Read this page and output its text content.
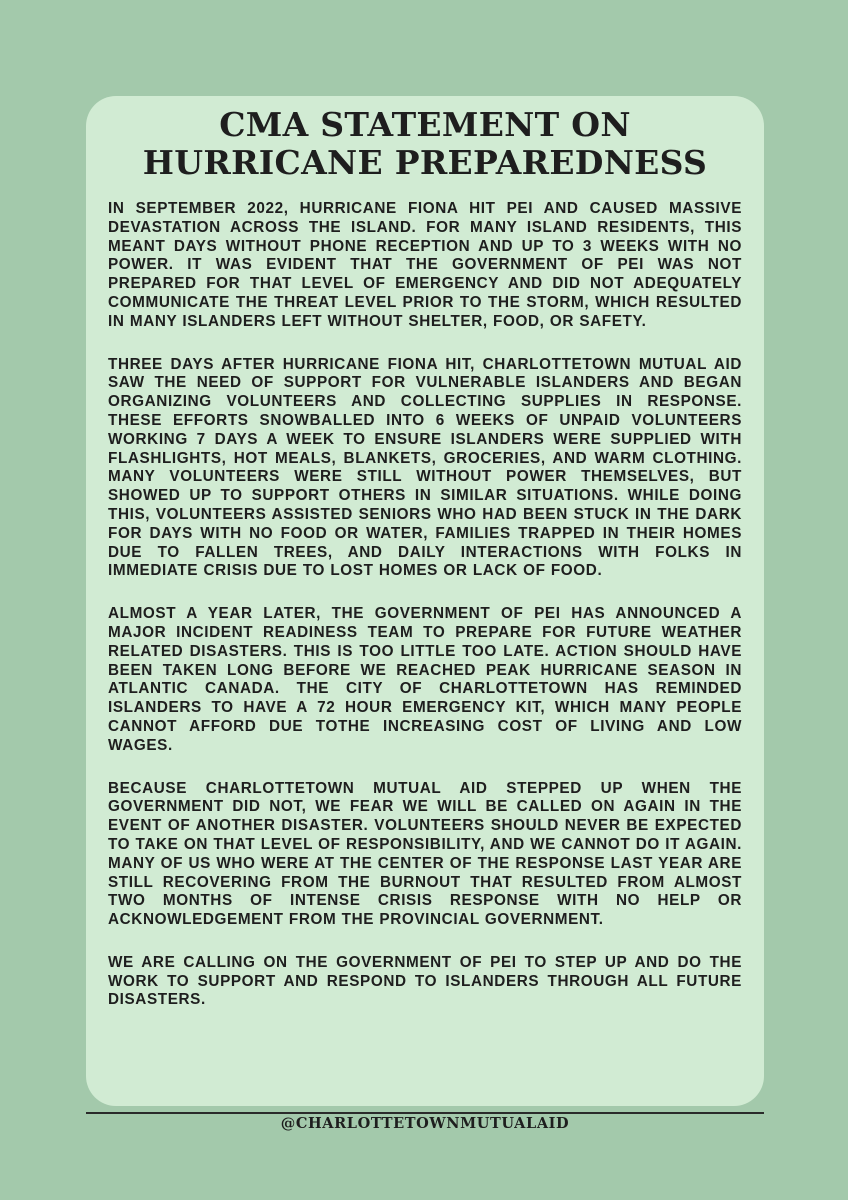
CMA STATEMENT ON HURRICANE PREPAREDNESS

IN SEPTEMBER 2022, HURRICANE FIONA HIT PEI AND CAUSED MASSIVE DEVASTATION ACROSS THE ISLAND. FOR MANY ISLAND RESIDENTS, THIS MEANT DAYS WITHOUT PHONE RECEPTION AND UP TO 3 WEEKS WITH NO POWER. IT WAS EVIDENT THAT THE GOVERNMENT OF PEI WAS NOT PREPARED FOR THAT LEVEL OF EMERGENCY AND DID NOT ADEQUATELY COMMUNICATE THE THREAT LEVEL PRIOR TO THE STORM, WHICH RESULTED IN MANY ISLANDERS LEFT WITHOUT SHELTER, FOOD, OR SAFETY.

THREE DAYS AFTER HURRICANE FIONA HIT, CHARLOTTETOWN MUTUAL AID SAW THE NEED OF SUPPORT FOR VULNERABLE ISLANDERS AND BEGAN ORGANIZING VOLUNTEERS AND COLLECTING SUPPLIES IN RESPONSE. THESE EFFORTS SNOWBALLED INTO 6 WEEKS OF UNPAID VOLUNTEERS WORKING 7 DAYS A WEEK TO ENSURE ISLANDERS WERE SUPPLIED WITH FLASHLIGHTS, HOT MEALS, BLANKETS, GROCERIES, AND WARM CLOTHING. MANY VOLUNTEERS WERE STILL WITHOUT POWER THEMSELVES, BUT SHOWED UP TO SUPPORT OTHERS IN SIMILAR SITUATIONS. WHILE DOING THIS, VOLUNTEERS ASSISTED SENIORS WHO HAD BEEN STUCK IN THE DARK FOR DAYS WITH NO FOOD OR WATER, FAMILIES TRAPPED IN THEIR HOMES DUE TO FALLEN TREES, AND DAILY INTERACTIONS WITH FOLKS IN IMMEDIATE CRISIS DUE TO LOST HOMES OR LACK OF FOOD.

ALMOST A YEAR LATER, THE GOVERNMENT OF PEI HAS ANNOUNCED A MAJOR INCIDENT READINESS TEAM TO PREPARE FOR FUTURE WEATHER RELATED DISASTERS. THIS IS TOO LITTLE TOO LATE. ACTION SHOULD HAVE BEEN TAKEN LONG BEFORE WE REACHED PEAK HURRICANE SEASON IN ATLANTIC CANADA. THE CITY OF CHARLOTTETOWN HAS REMINDED ISLANDERS TO HAVE A 72 HOUR EMERGENCY KIT, WHICH MANY PEOPLE CANNOT AFFORD DUE TOTHE INCREASING COST OF LIVING AND LOW WAGES.

BECAUSE CHARLOTTETOWN MUTUAL AID STEPPED UP WHEN THE GOVERNMENT DID NOT, WE FEAR WE WILL BE CALLED ON AGAIN IN THE EVENT OF ANOTHER DISASTER. VOLUNTEERS SHOULD NEVER BE EXPECTED TO TAKE ON THAT LEVEL OF RESPONSIBILITY, AND WE CANNOT DO IT AGAIN. MANY OF US WHO WERE AT THE CENTER OF THE RESPONSE LAST YEAR ARE STILL RECOVERING FROM THE BURNOUT THAT RESULTED FROM ALMOST TWO MONTHS OF INTENSE CRISIS RESPONSE WITH NO HELP OR ACKNOWLEDGEMENT FROM THE PROVINCIAL GOVERNMENT.

WE ARE CALLING ON THE GOVERNMENT OF PEI TO STEP UP AND DO THE WORK TO SUPPORT AND RESPOND TO ISLANDERS THROUGH ALL FUTURE DISASTERS.

@CHARLOTTETOWNMUTUALAID
